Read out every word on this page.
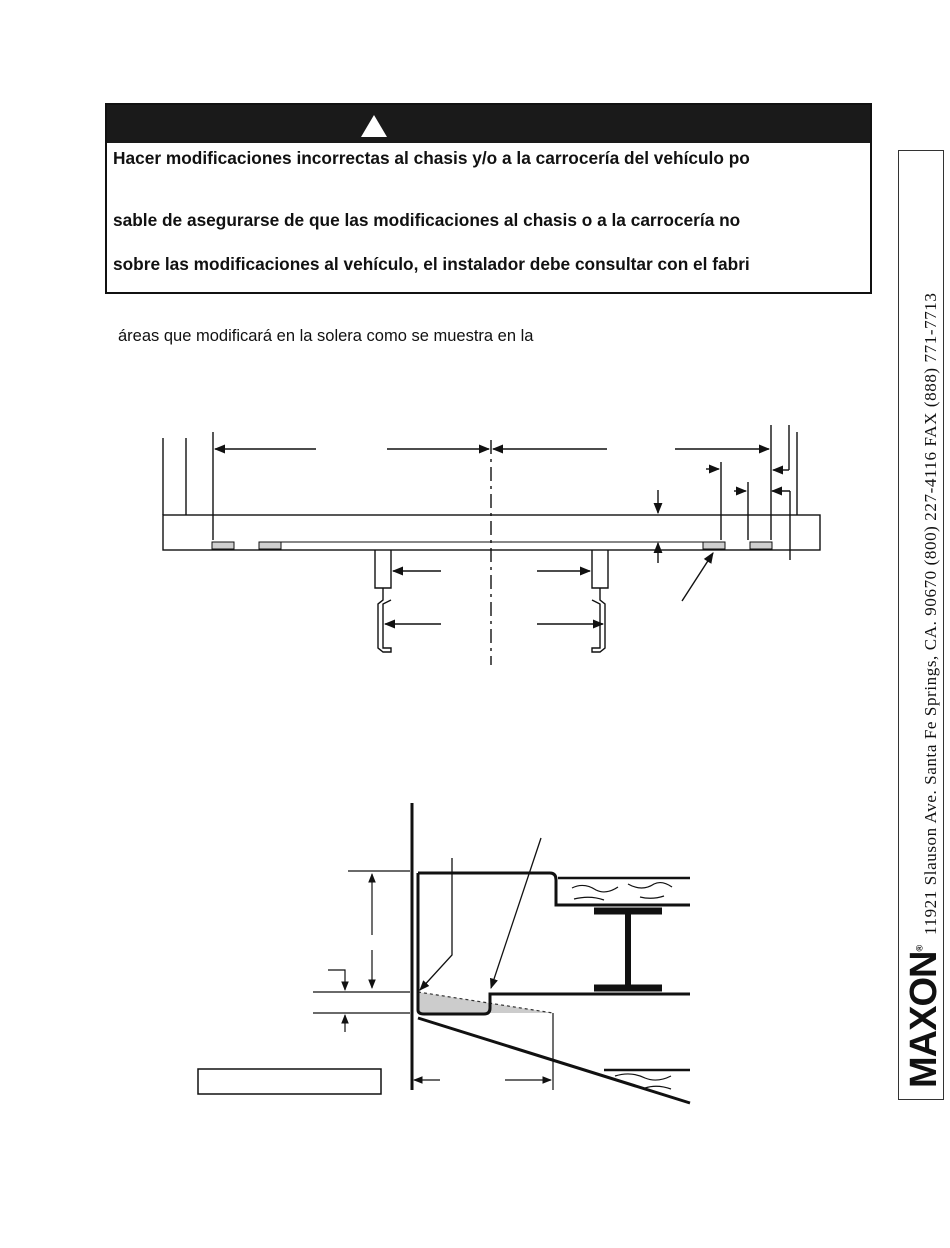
Hacer modificaciones incorrectas al chasis y/o a la carrocería del vehículo po
sable de asegurarse de que las modificaciones al chasis o a la carrocería no
sobre las modificaciones al vehículo, el instalador debe consultar con el fabri
áreas que modificará en la solera como se muestra en la	11921 Slauson Ave. Santa Fe Springs, CA. 90670 (800) 227-4116 FAX (888) 771-7713
MAXON®
